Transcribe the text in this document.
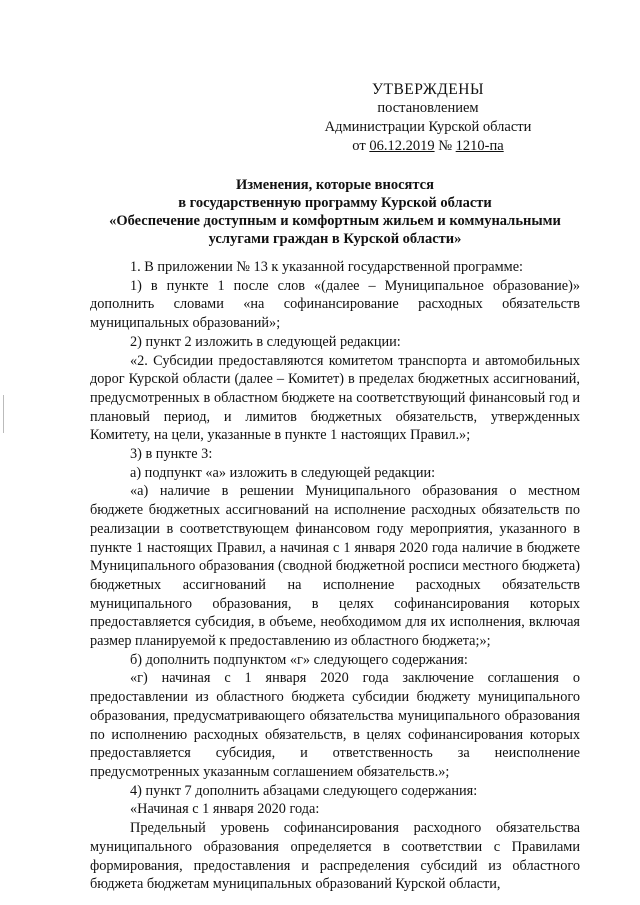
УТВЕРЖДЕНЫ
постановлением
Администрации Курской области
от 06.12.2019 № 1210-па
Изменения, которые вносятся
в государственную программу Курской области
«Обеспечение доступным и комфортным жильем и коммунальными
услугами граждан в Курской области»

1. В приложении № 13 к указанной государственной программе:

1) в пункте 1 после слов «(далее – Муниципальное образование)» дополнить словами «на софинансирование расходных обязательств муниципальных образований»;

2) пункт 2 изложить в следующей редакции:

«2. Субсидии предоставляются комитетом транспорта и автомобильных дорог Курской области (далее – Комитет) в пределах бюджетных ассигнований, предусмотренных в областном бюджете на соответствующий финансовый год и плановый период, и лимитов бюджетных обязательств, утвержденных Комитету, на цели, указанные в пункте 1 настоящих Правил.»;

3) в пункте 3:

а) подпункт «а» изложить в следующей редакции:

«а) наличие в решении Муниципального образования о местном бюджете бюджетных ассигнований на исполнение расходных обязательств по реализации в соответствующем финансовом году мероприятия, указанного в пункте 1 настоящих Правил, а начиная с 1 января 2020 года наличие в бюджете Муниципального образования (сводной бюджетной росписи местного бюджета) бюджетных ассигнований на исполнение расходных обязательств муниципального образования, в целях софинансирования которых предоставляется субсидия, в объеме, необходимом для их исполнения, включая размер планируемой к предоставлению из областного бюджета;»;

б) дополнить подпунктом «г» следующего содержания:

«г) начиная с 1 января 2020 года заключение соглашения о предоставлении из областного бюджета субсидии бюджету муниципального образования, предусматривающего обязательства муниципального образования по исполнению расходных обязательств, в целях софинансирования которых предоставляется субсидия, и ответственность за неисполнение предусмотренных указанным соглашением обязательств.»;

4) пункт 7 дополнить абзацами следующего содержания:

«Начиная с 1 января 2020 года:

Предельный уровень софинансирования расходного обязательства муниципального образования определяется в соответствии с Правилами формирования, предоставления и распределения субсидий из областного бюджета бюджетам муниципальных образований Курской области,
